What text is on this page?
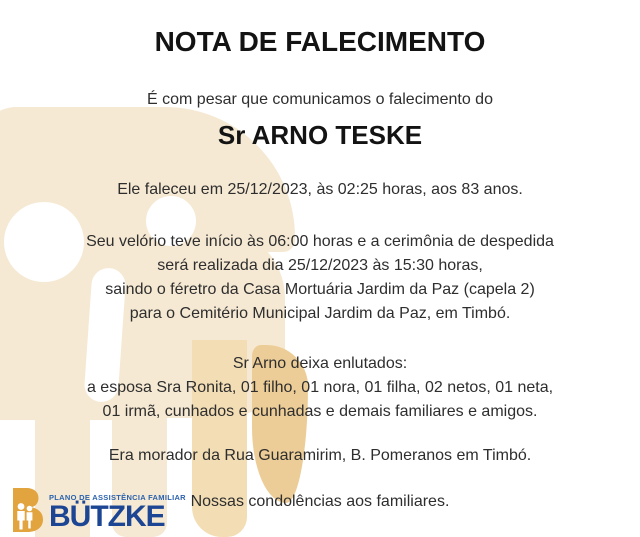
NOTA DE FALECIMENTO

É com pesar que comunicamos o falecimento do

Sr ARNO TESKE

Ele faleceu em 25/12/2023, às 02:25 horas, aos 83 anos.

Seu velório teve início às 06:00 horas e a cerimônia de despedida
será realizada dia 25/12/2023 às 15:30 horas,
saindo o féretro da Casa Mortuária Jardim da Paz (capela 2)
para o Cemitério Municipal Jardim da Paz, em Timbó.

Sr Arno deixa enlutados:
a esposa Sra Ronita, 01 filho, 01 nora, 01 filha, 02 netos, 01 neta,
01 irmã, cunhados e cunhadas e demais familiares e amigos.

Era morador da Rua Guaramirim, B. Pomeranos em Timbó.

Nossas condolências aos familiares.

PLANO DE ASSISTÊNCIA FAMILIAR
BÜTZKE
